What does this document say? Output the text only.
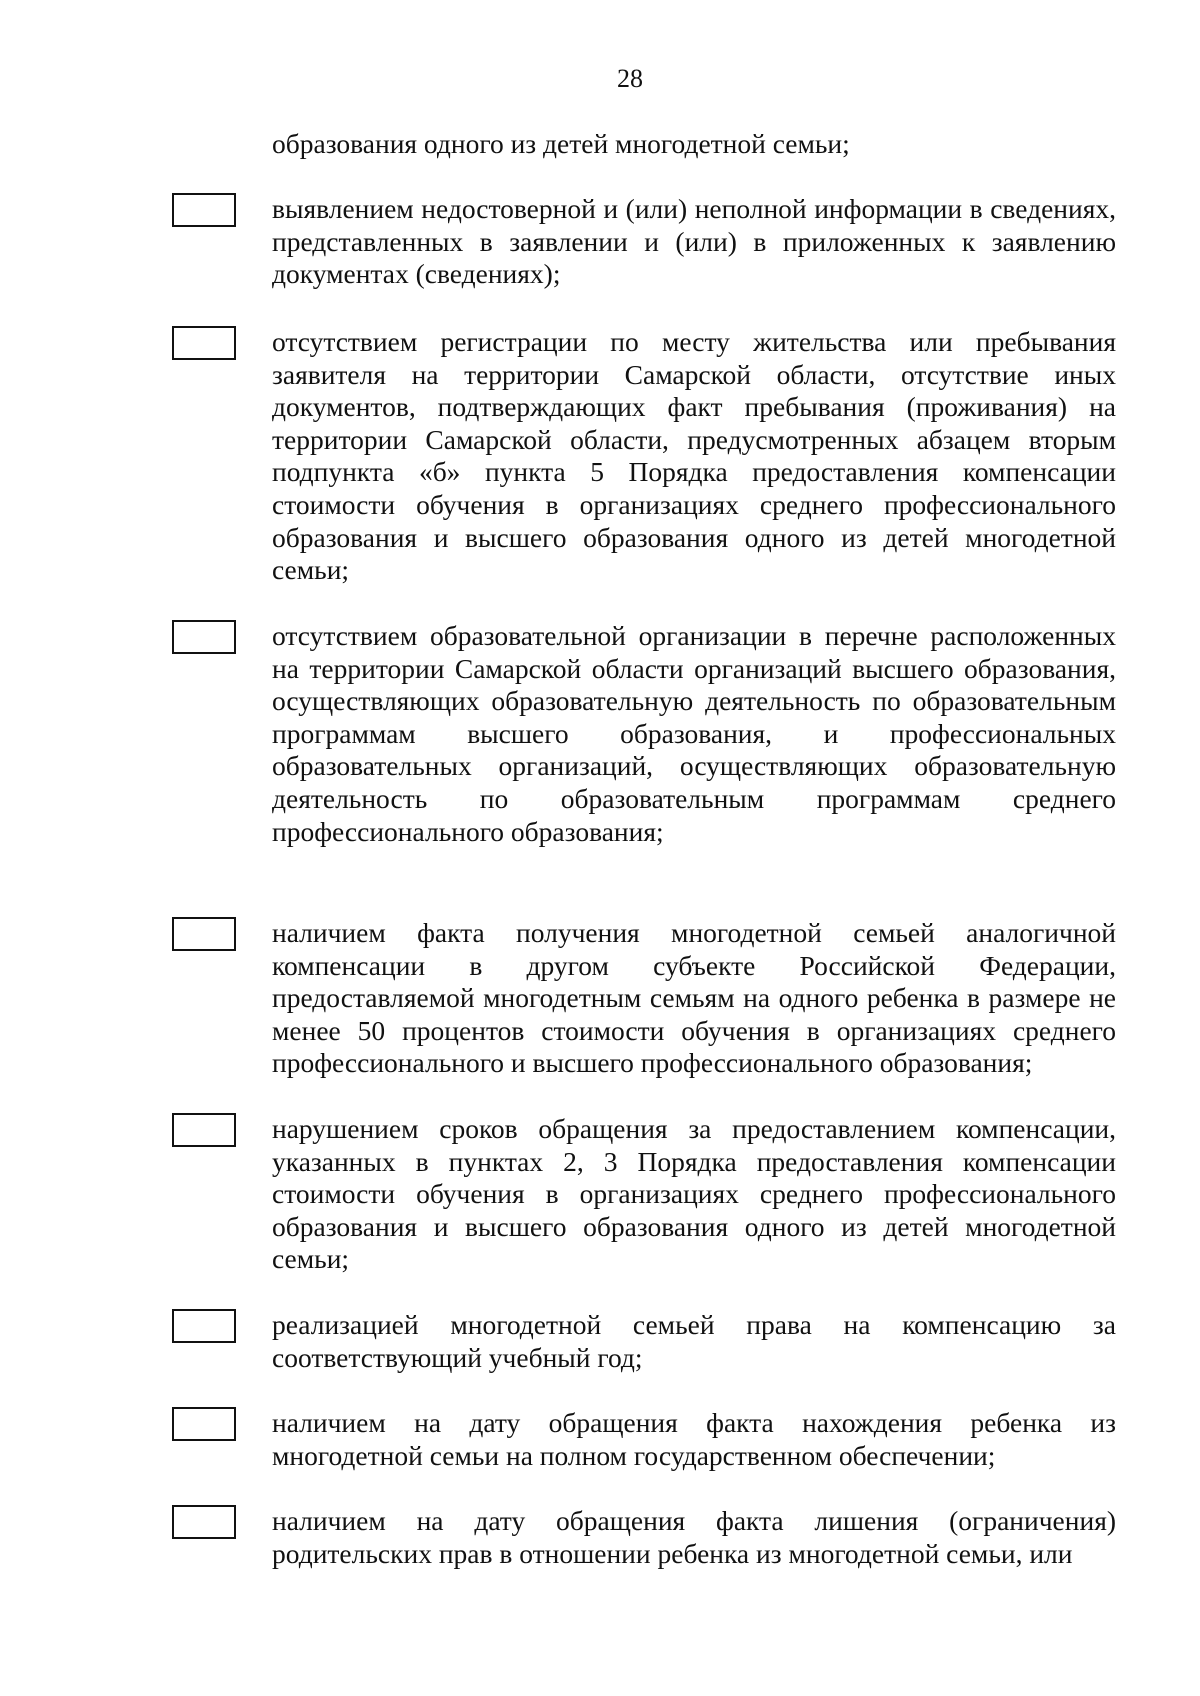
28

образования одного из детей многодетной семьи;

выявлением недостоверной и (или) неполной информации в сведениях, представленных в заявлении и (или) в приложенных к заявлению документах (сведениях);

отсутствием регистрации по месту жительства или пребывания заявителя на территории Самарской области, отсутствие иных документов, подтверждающих факт пребывания (проживания) на территории Самарской области, предусмотренных абзацем вторым подпункта «б» пункта 5 Порядка предоставления компенсации стоимости обучения в организациях среднего профессионального образования и высшего образования одного из детей многодетной семьи;

отсутствием образовательной организации в перечне расположенных на территории Самарской области организаций высшего образования, осуществляющих образовательную деятельность по образовательным программам высшего образования, и профессиональных образовательных организаций, осуществляющих образовательную деятельность по образовательным программам среднего профессионального образования;

наличием факта получения многодетной семьей аналогичной компенсации в другом субъекте Российской Федерации, предоставляемой многодетным семьям на одного ребенка в размере не менее 50 процентов стоимости обучения в организациях среднего профессионального и высшего профессионального образования;

нарушением сроков обращения за предоставлением компенсации, указанных в пунктах 2, 3 Порядка предоставления компенсации стоимости обучения в организациях среднего профессионального образования и высшего образования одного из детей многодетной семьи;

реализацией многодетной семьей права на компенсацию за соответствующий учебный год;

наличием на дату обращения факта нахождения ребенка из многодетной семьи на полном государственном обеспечении;

наличием на дату обращения факта лишения (ограничения) родительских прав в отношении ребенка из многодетной семьи, или
